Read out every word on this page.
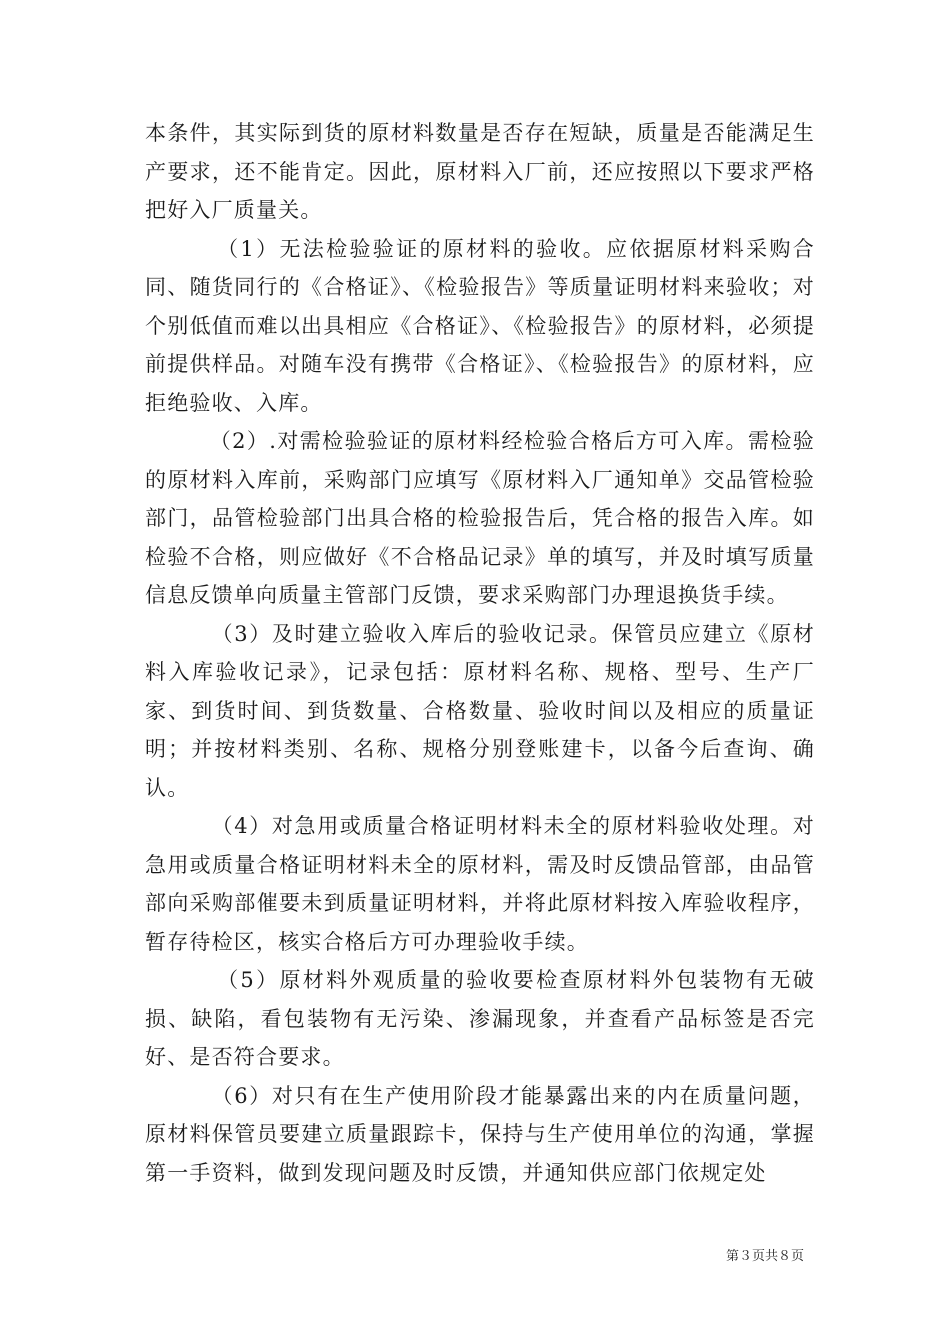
本条件，其实际到货的原材料数量是否存在短缺，质量是否能满足生产要求，还不能肯定。因此，原材料入厂前，还应按照以下要求严格把好入厂质量关。

（1）无法检验验证的原材料的验收。应依据原材料采购合同、随货同行的《合格证》、《检验报告》等质量证明材料来验收；对个别低值而难以出具相应《合格证》、《检验报告》的原材料，必须提前提供样品。对随车没有携带《合格证》、《检验报告》的原材料，应拒绝验收、入库。

（2）.对需检验验证的原材料经检验合格后方可入库。需检验的原材料入库前，采购部门应填写《原材料入厂通知单》交品管检验部门，品管检验部门出具合格的检验报告后，凭合格的报告入库。如检验不合格，则应做好《不合格品记录》单的填写，并及时填写质量信息反馈单向质量主管部门反馈，要求采购部门办理退换货手续。

（3）及时建立验收入库后的验收记录。保管员应建立《原材料入库验收记录》，记录包括：原材料名称、规格、型号、生产厂家、到货时间、到货数量、合格数量、验收时间以及相应的质量证明；并按材料类别、名称、规格分别登账建卡，以备今后查询、确认。

（4）对急用或质量合格证明材料未全的原材料验收处理。对急用或质量合格证明材料未全的原材料，需及时反馈品管部，由品管部向采购部催要未到质量证明材料，并将此原材料按入库验收程序，暂存待检区，核实合格后方可办理验收手续。

（5）原材料外观质量的验收要检查原材料外包装物有无破损、缺陷，看包装物有无污染、渗漏现象，并查看产品标签是否完好、是否符合要求。

（6）对只有在生产使用阶段才能暴露出来的内在质量问题，原材料保管员要建立质量跟踪卡，保持与生产使用单位的沟通，掌握第一手资料，做到发现问题及时反馈，并通知供应部门依规定处

第３页共８页
